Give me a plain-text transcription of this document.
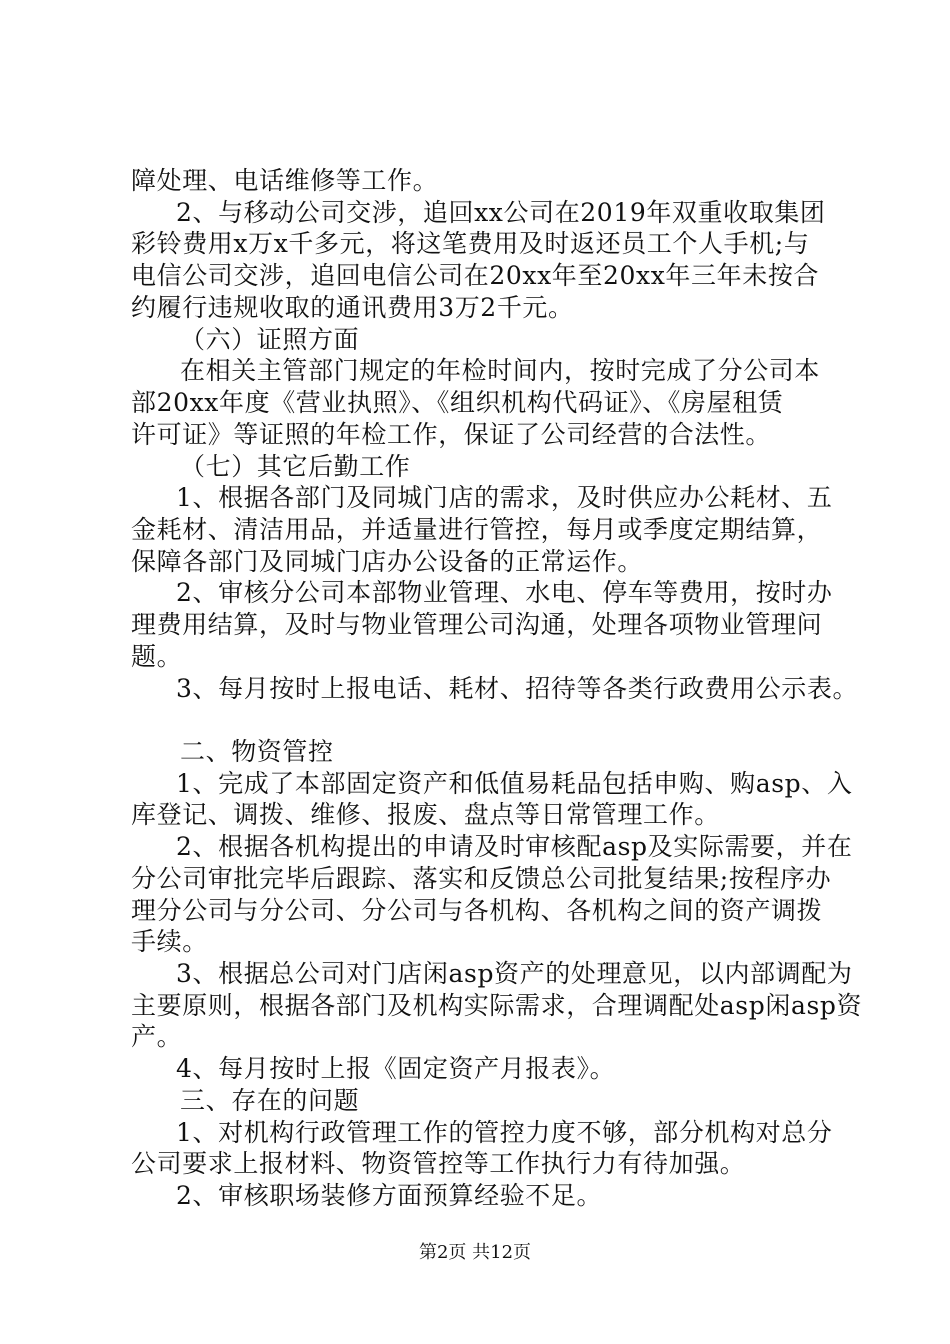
障处理、电话维修等工作。
2、与移动公司交涉，追回xx公司在2019年双重收取集团
彩铃费用x万x千多元，将这笔费用及时返还员工个人手机;与
电信公司交涉，追回电信公司在20xx年至20xx年三年未按合
约履行违规收取的通讯费用3万2千元。
（六）证照方面
在相关主管部门规定的年检时间内，按时完成了分公司本
部20xx年度《营业执照》、《组织机构代码证》、《房屋租赁
许可证》等证照的年检工作，保证了公司经营的合法性。
（七）其它后勤工作
1、根据各部门及同城门店的需求，及时供应办公耗材、五
金耗材、清洁用品，并适量进行管控，每月或季度定期结算，
保障各部门及同城门店办公设备的正常运作。
2、审核分公司本部物业管理、水电、停车等费用，按时办
理费用结算，及时与物业管理公司沟通，处理各项物业管理问
题。
3、每月按时上报电话、耗材、招待等各类行政费用公示表。
二、物资管控
1、完成了本部固定资产和低值易耗品包括申购、购asp、入
库登记、调拨、维修、报废、盘点等日常管理工作。
2、根据各机构提出的申请及时审核配asp及实际需要，并在
分公司审批完毕后跟踪、落实和反馈总公司批复结果;按程序办
理分公司与分公司、分公司与各机构、各机构之间的资产调拨
手续。
3、根据总公司对门店闲asp资产的处理意见，以内部调配为
主要原则，根据各部门及机构实际需求，合理调配处asp闲asp资
产。
4、每月按时上报《固定资产月报表》。
三、存在的问题
1、对机构行政管理工作的管控力度不够，部分机构对总分
公司要求上报材料、物资管控等工作执行力有待加强。
2、审核职场装修方面预算经验不足。
第2页 共12页
